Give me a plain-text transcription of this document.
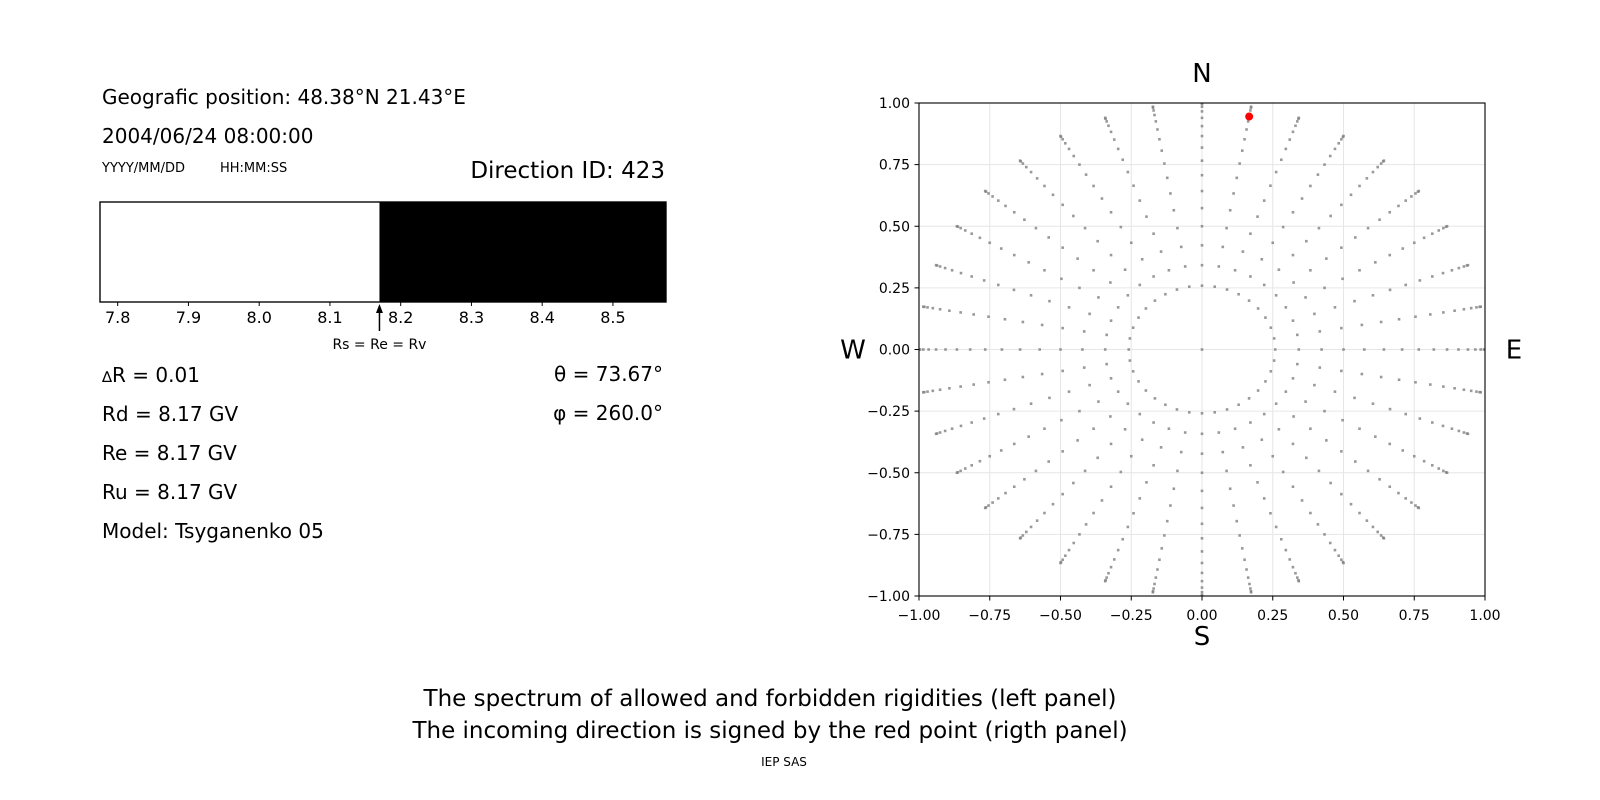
Geografic position: 48.38°N 21.43°E
2004/06/24 08:00:00
YYYY/MM/DD	HH:MM:SS	Direction ID: 423
7.8	7.9	8.0	8.1	8.2	8.3	8.4	8.5
Rs = Re = Rv
∆R = 0.01
Rd = 8.17 GV
Re = 8.17 GV
Ru = 8.17 GV
Model: Tsyganenko 05
θ = 73.67°
φ = 260.0°
−1.00 −0.75 −0.50 −0.25 0.00	0.25	0.50	0.75	1.00
−1.00
−0.75
−0.50
−0.25
0.00
0.25
0.50
0.75
1.00
N
S
W	E
The spectrum of allowed and forbidden rigidities (left panel)
The incoming direction is signed by the red point (rigth panel)
IEP SAS
